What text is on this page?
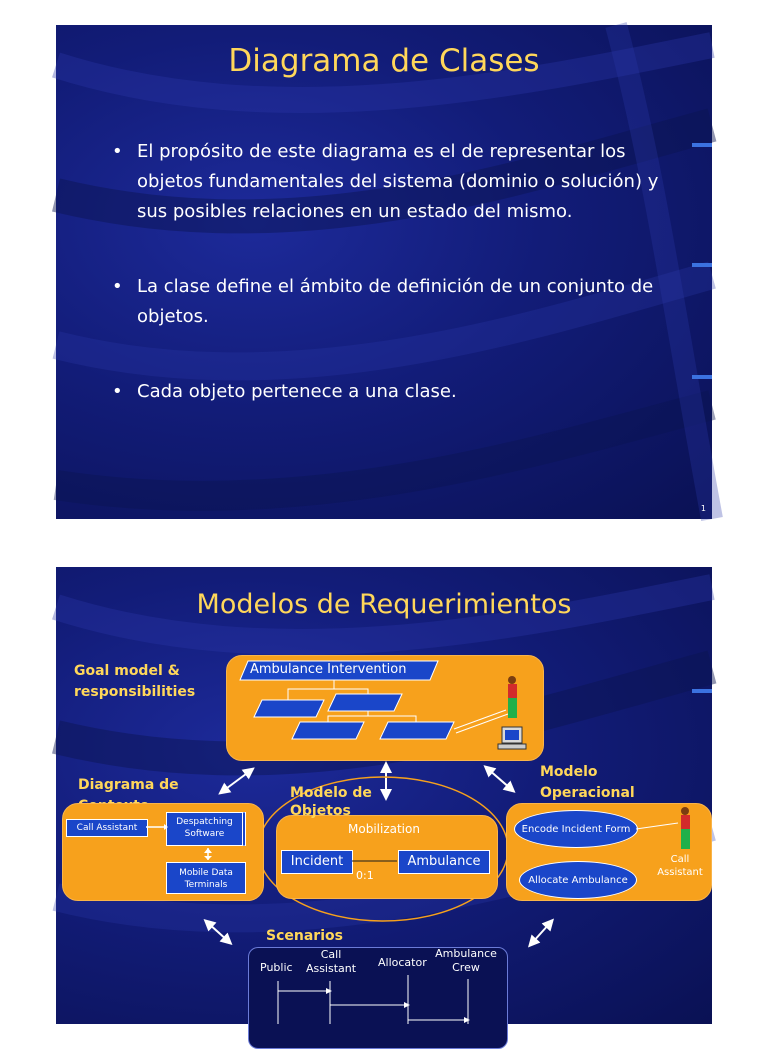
Diagrama de Clases
• El propósito de este diagrama es el de representar los objetos fundamentales del sistema (dominio o solución) y sus posibles relaciones en un estado del mismo.
• La clase define el ámbito de definición de un conjunto de objetos.
• Cada objeto pertenece a una clase.
1
Modelos de Requerimientos
Goal model & responsibilities
Ambulance Intervention
Diagrama de
Call Assistant
Despatching Software
Mobile Data Terminals
Modelo de Objetos
Mobilization
Incident	Ambulance
0:1
Modelo Operacional
Encode Incident Form
Allocate Ambulance
Call Assistant
Scenarios
Public
Call Assistant	Allocator
Ambulance Crew
